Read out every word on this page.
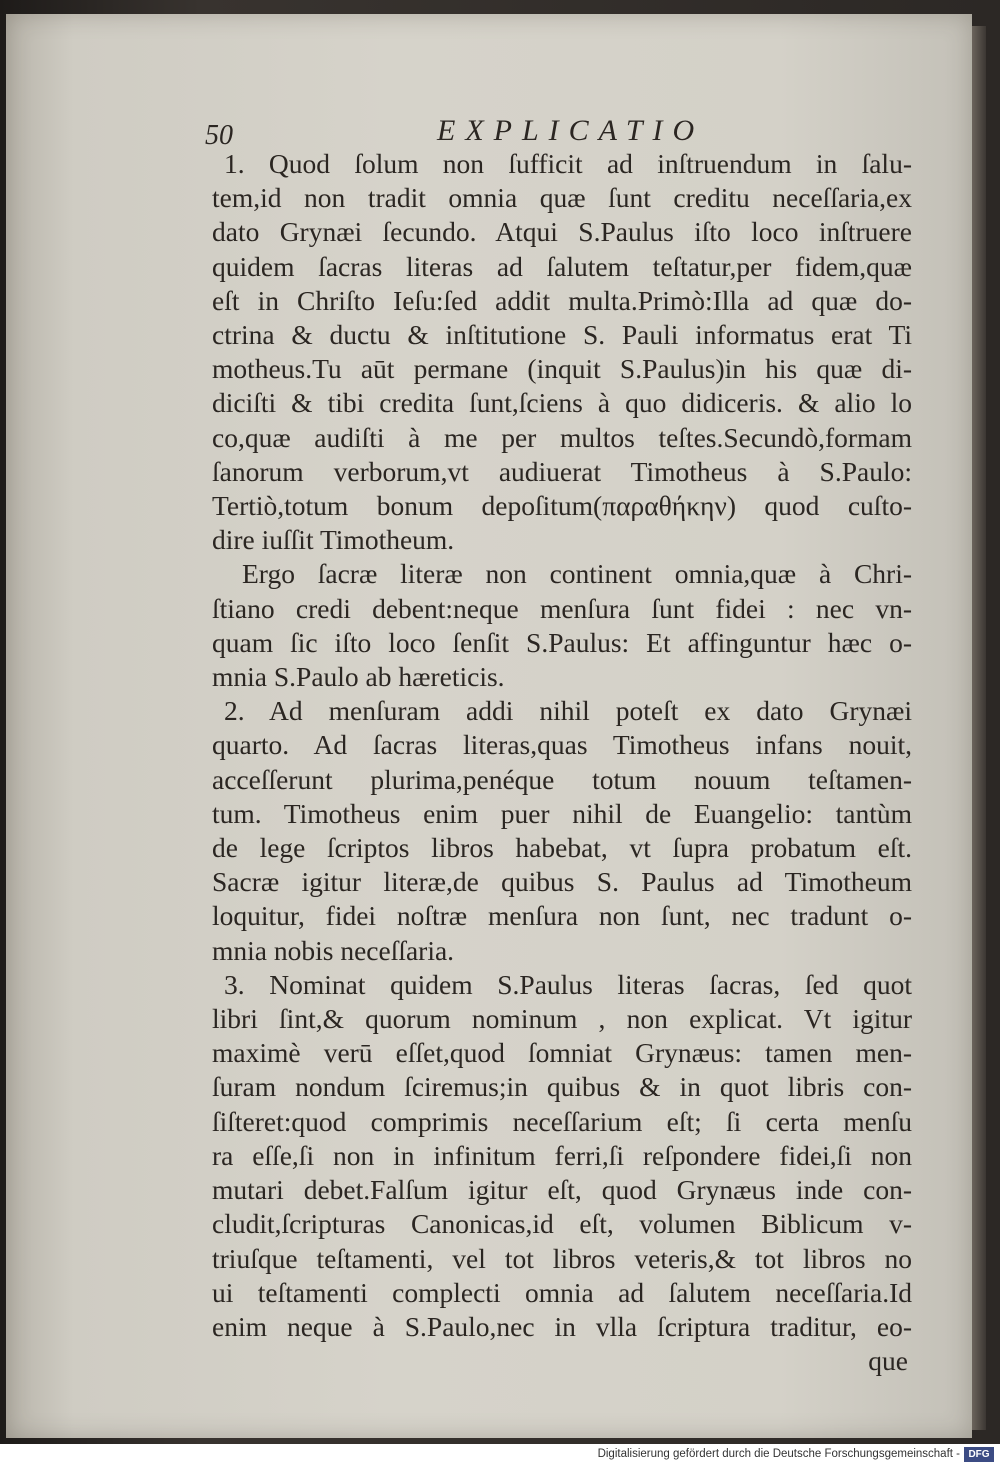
50	EXPLICATIO
1. Quod ſolum non ſufficit ad inſtruendum in ſalu-
tem,id non tradit omnia quæ ſunt creditu neceſſaria,ex
dato Grynæi ſecundo. Atqui S.Paulus iſto loco inſtruere
quidem ſacras literas ad ſalutem teſtatur,per fidem,quæ
eſt in Chriſto Ieſu:ſed addit multa.Primò:Illa ad quæ do-
ctrina & ductu & inſtitutione S. Pauli informatus erat Ti
motheus.Tu aūt permane (inquit S.Paulus)in his quæ di-
diciſti & tibi credita ſunt,ſciens à quo didiceris. & alio lo
co,quæ audiſti à me per multos teſtes.Secundò,formam
ſanorum verborum,vt audiuerat Timotheus à S.Paulo:
Tertiò,totum bonum depoſitum(παραθήκην) quod cuſto-
dire iuſſit Timotheum.
Ergo ſacræ literæ non continent omnia,quæ à Chri-
ſtiano credi debent:neque menſura ſunt fidei : nec vn-
quam ſic iſto loco ſenſit S.Paulus: Et affinguntur hæc o-
mnia S.Paulo ab hæreticis.
2. Ad menſuram addi nihil poteſt ex dato Grynæi
quarto. Ad ſacras literas,quas Timotheus infans nouit,
acceſſerunt plurima,penéque totum nouum teſtamen-
tum. Timotheus enim puer nihil de Euangelio: tantùm
de lege ſcriptos libros habebat, vt ſupra probatum eſt.
Sacræ igitur literæ,de quibus S. Paulus ad Timotheum
loquitur, fidei noſtræ menſura non ſunt, nec tradunt o-
mnia nobis neceſſaria.
3. Nominat quidem S.Paulus literas ſacras, ſed quot
libri ſint,& quorum nominum , non explicat. Vt igitur
maximè verū eſſet,quod ſomniat Grynæus: tamen men-
ſuram nondum ſciremus;in quibus & in quot libris con-
ſiſteret:quod comprimis neceſſarium eſt; ſi certa menſu
ra eſſe,ſi non in infinitum ferri,ſi reſpondere fidei,ſi non
mutari debet.Falſum igitur eſt, quod Grynæus inde con-
cludit,ſcripturas Canonicas,id eſt, volumen Biblicum v-
triuſque teſtamenti, vel tot libros veteris,& tot libros no
ui teſtamenti complecti omnia ad ſalutem neceſſaria.Id
enim neque à S.Paulo,nec in vlla ſcriptura traditur, eo-
que
Digitalisierung gefördert durch die Deutsche Forschungsgemeinschaft - DFG
